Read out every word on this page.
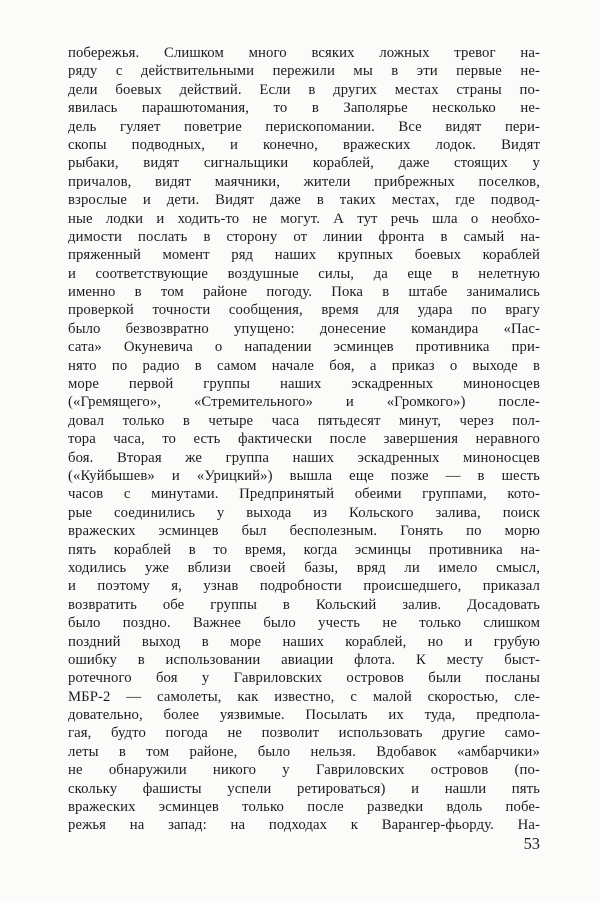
побережья. Слишком много всяких ложных тревог на-
ряду с действительными пережили мы в эти первые не-
дели боевых действий. Если в других местах страны по-
явилась парашютомания, то в Заполярье несколько не-
дель гуляет поветрие перископомании. Все видят пери-
скопы подводных, и конечно, вражеских лодок. Видят
рыбаки, видят сигнальщики кораблей, даже стоящих у
причалов, видят маячники, жители прибрежных поселков,
взрослые и дети. Видят даже в таких местах, где подвод-
ные лодки и ходить-то не могут. А тут речь шла о необхо-
димости послать в сторону от линии фронта в самый на-
пряженный момент ряд наших крупных боевых кораблей
и соответствующие воздушные силы, да еще в нелетную
именно в том районе погоду. Пока в штабе занимались
проверкой точности сообщения, время для удара по врагу
было безвозвратно упущено: донесение командира «Пас-
сата» Окуневича о нападении эсминцев противника при-
нято по радио в самом начале боя, а приказ о выходе в
море первой группы наших эскадренных миноносцев
(«Гремящего», «Стремительного» и «Громкого») после-
довал только в четыре часа пятьдесят минут, через пол-
тора часа, то есть фактически после завершения неравного
боя. Вторая же группа наших эскадренных миноносцев
(«Куйбышев» и «Урицкий») вышла еще позже — в шесть
часов с минутами. Предпринятый обеими группами, кото-
рые соединились у выхода из Кольского залива, поиск
вражеских эсминцев был бесполезным. Гонять по морю
пять кораблей в то время, когда эсминцы противника на-
ходились уже вблизи своей базы, вряд ли имело смысл,
и поэтому я, узнав подробности происшедшего, приказал
возвратить обе группы в Кольский залив. Досадовать
было поздно. Важнее было учесть не только слишком
поздний выход в море наших кораблей, но и грубую
ошибку в использовании авиации флота. К месту быст-
ротечного боя у Гавриловских островов были посланы
МБР-2 — самолеты, как известно, с малой скоростью, сле-
довательно, более уязвимые. Посылать их туда, предпола-
гая, будто погода не позволит использовать другие само-
леты в том районе, было нельзя. Вдобавок «амбарчики»
не обнаружили никого у Гавриловских островов (по-
скольку фашисты успели ретироваться) и нашли пять
вражеских эсминцев только после разведки вдоль побе-
режья на запад: на подходах к Варангер-фьорду. На-
53
